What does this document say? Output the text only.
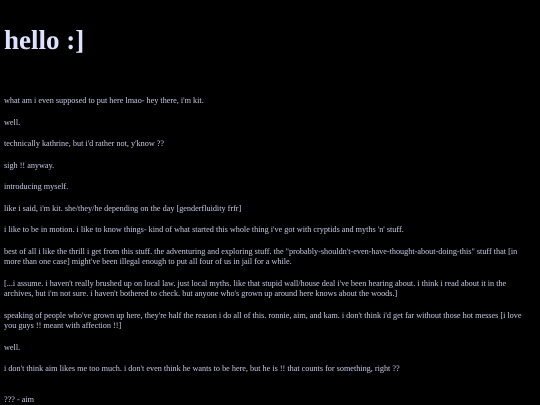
hello :]

what am i even supposed to put here lmao- hey there, i'm kit.

well.

technically kathrine, but i'd rather not, y'know ??

sigh !! anyway.

introducing myself.

like i said, i'm kit. she/they/he depending on the day [genderfluidity frfr]

i like to be in motion. i like to know things- kind of what started this whole thing i've got with cryptids and myths 'n' stuff.

best of all i like the thrill i get from this stuff. the adventuring and exploring stuff. the "probably-shouldn't-even-have-thought-about-doing-this" stuff that [in more than one case] might've been illegal enough to put all four of us in jail for a while.

[...i assume. i haven't really brushed up on local law. just local myths. like that stupid wall/house deal i've been hearing about. i think i read about it in the archives, but i'm not sure. i haven't bothered to check. but anyone who's grown up around here knows about the woods.]

speaking of people who've grown up here, they're half the reason i do all of this. ronnie, aim, and kam. i don't think i'd get far without those hot messes [i love you guys !! meant with affection !!]

well.

i don't think aim likes me too much. i don't even think he wants to be here, but he is !! that counts for something, right ??

??? - aim
